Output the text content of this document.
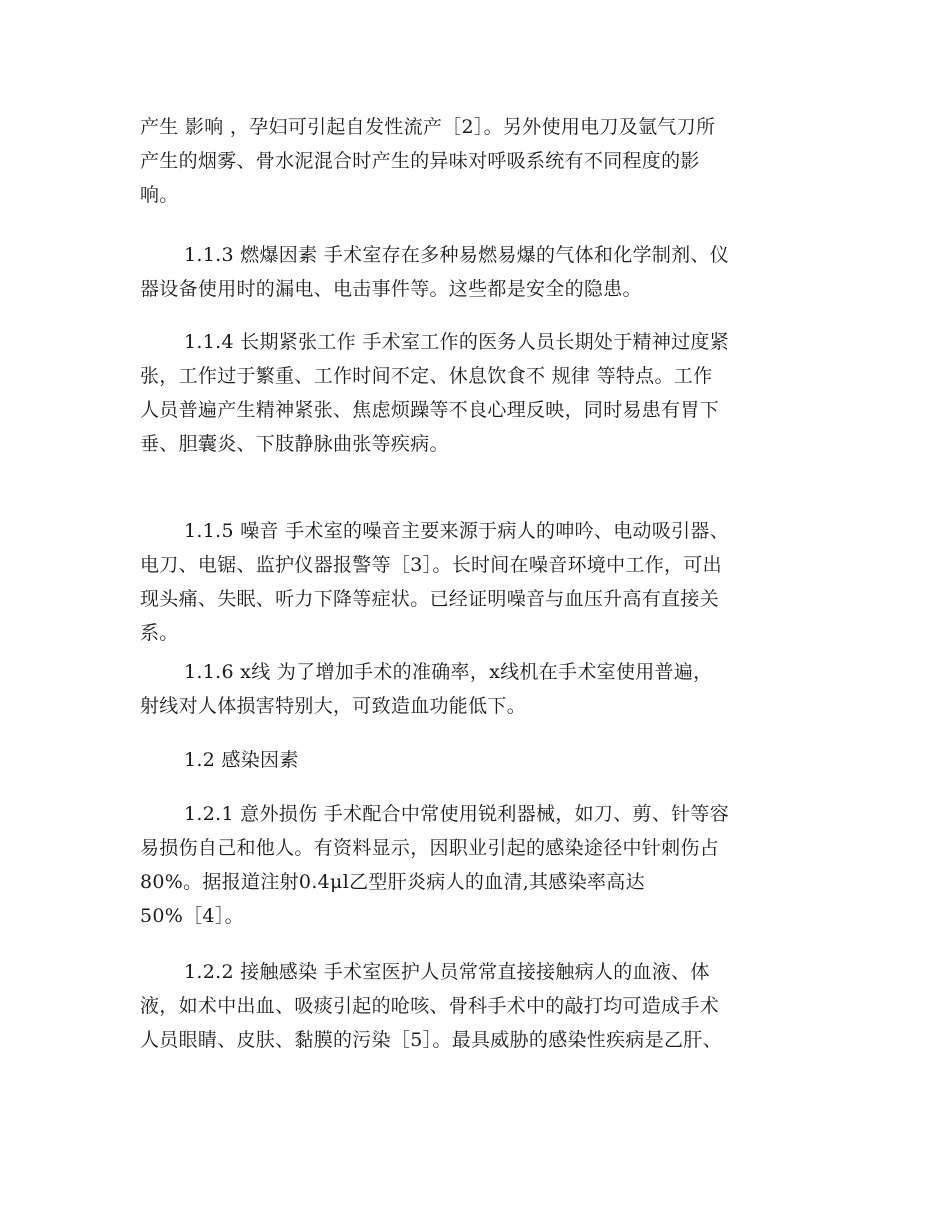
产生 影响 ，孕妇可引起自发性流产［2］。另外使用电刀及氩气刀所
产生的烟雾、骨水泥混合时产生的异味对呼吸系统有不同程度的影
响。
1.1.3 燃爆因素 手术室存在多种易燃易爆的气体和化学制剂、仪
器设备使用时的漏电、电击事件等。这些都是安全的隐患。
1.1.4 长期紧张工作 手术室工作的医务人员长期处于精神过度紧
张，工作过于繁重、工作时间不定、休息饮食不 规律 等特点。工作
人员普遍产生精神紧张、焦虑烦躁等不良心理反映，同时易患有胃下
垂、胆囊炎、下肢静脉曲张等疾病。
1.1.5 噪音 手术室的噪音主要来源于病人的呻吟、电动吸引器、
电刀、电锯、监护仪器报警等［3］。长时间在噪音环境中工作，可出
现头痛、失眠、听力下降等症状。已经证明噪音与血压升高有直接关
系。
1.1.6 x线 为了增加手术的准确率，x线机在手术室使用普遍，
射线对人体损害特别大，可致造血功能低下。
1.2 感染因素
1.2.1 意外损伤 手术配合中常使用锐利器械，如刀、剪、针等容
易损伤自己和他人。有资料显示，因职业引起的感染途径中针刺伤占
80%。据报道注射0.4μl乙型肝炎病人的血清,其感染率高达
50%［4］。
1.2.2 接触感染 手术室医护人员常常直接接触病人的血液、体
液，如术中出血、吸痰引起的呛咳、骨科手术中的敲打均可造成手术
人员眼睛、皮肤、黏膜的污染［5］。最具威胁的感染性疾病是乙肝、
